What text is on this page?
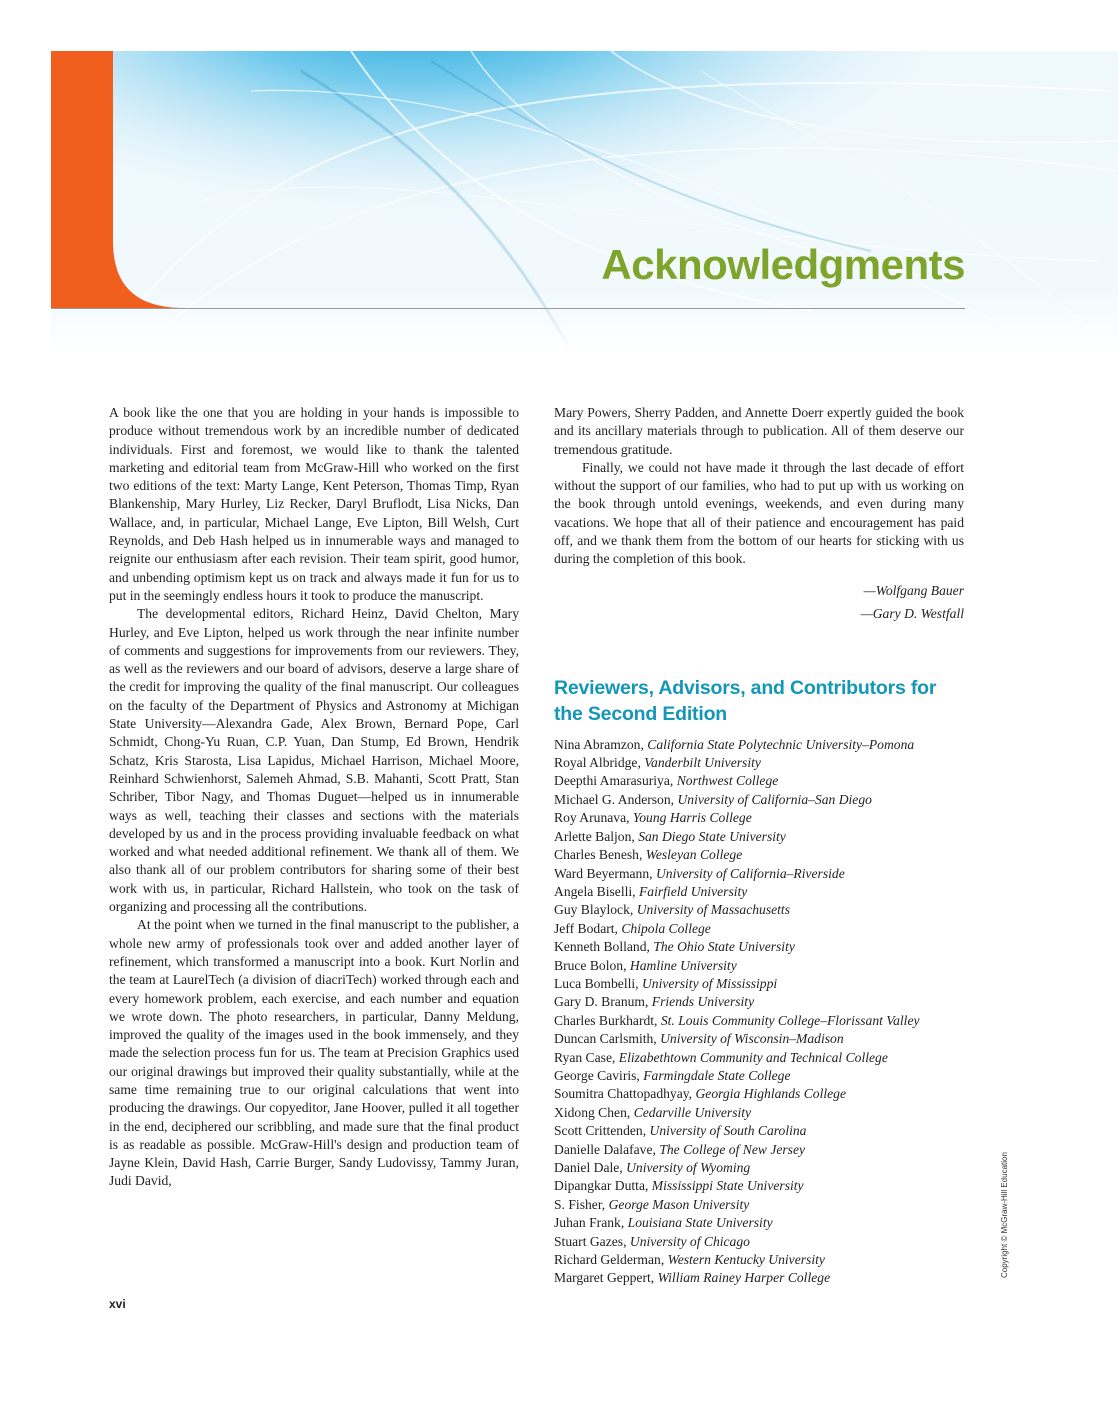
Acknowledgments

A book like the one that you are holding in your hands is impossible to produce without tremendous work by an incredible number of dedicated individuals. First and foremost, we would like to thank the talented marketing and editorial team from McGraw-Hill who worked on the first two editions of the text: Marty Lange, Kent Peterson, Thomas Timp, Ryan Blankenship, Mary Hurley, Liz Recker, Daryl Bruflodt, Lisa Nicks, Dan Wallace, and, in particular, Michael Lange, Eve Lipton, Bill Welsh, Curt Reynolds, and Deb Hash helped us in innumerable ways and managed to reignite our enthusiasm after each revision. Their team spirit, good humor, and unbending optimism kept us on track and always made it fun for us to put in the seemingly endless hours it took to produce the manuscript.

The developmental editors, Richard Heinz, David Chelton, Mary Hurley, and Eve Lipton, helped us work through the near infinite number of comments and suggestions for improvements from our reviewers. They, as well as the reviewers and our board of advisors, deserve a large share of the credit for improving the quality of the final manuscript. Our colleagues on the faculty of the Department of Physics and Astronomy at Michigan State University—Alexandra Gade, Alex Brown, Bernard Pope, Carl Schmidt, Chong-Yu Ruan, C.P. Yuan, Dan Stump, Ed Brown, Hendrik Schatz, Kris Starosta, Lisa Lapidus, Michael Harrison, Michael Moore, Reinhard Schwienhorst, Salemeh Ahmad, S.B. Mahanti, Scott Pratt, Stan Schriber, Tibor Nagy, and Thomas Duguet—helped us in innumerable ways as well, teaching their classes and sections with the materials developed by us and in the process providing invaluable feedback on what worked and what needed additional refinement. We thank all of them. We also thank all of our problem contributors for sharing some of their best work with us, in particular, Richard Hallstein, who took on the task of organizing and processing all the contributions.

At the point when we turned in the final manuscript to the publisher, a whole new army of professionals took over and added another layer of refinement, which transformed a manuscript into a book. Kurt Norlin and the team at LaurelTech (a division of diacriTech) worked through each and every homework problem, each exercise, and each number and equation we wrote down. The photo researchers, in particular, Danny Meldung, improved the quality of the images used in the book immensely, and they made the selection process fun for us. The team at Precision Graphics used our original drawings but improved their quality substantially, while at the same time remaining true to our original calculations that went into producing the drawings. Our copyeditor, Jane Hoover, pulled it all together in the end, deciphered our scribbling, and made sure that the final product is as readable as possible. McGraw-Hill's design and production team of Jayne Klein, David Hash, Carrie Burger, Sandy Ludovissy, Tammy Juran, Judi David,

Mary Powers, Sherry Padden, and Annette Doerr expertly guided the book and its ancillary materials through to publication. All of them deserve our tremendous gratitude.

Finally, we could not have made it through the last decade of effort without the support of our families, who had to put up with us working on the book through untold evenings, weekends, and even during many vacations. We hope that all of their patience and encouragement has paid off, and we thank them from the bottom of our hearts for sticking with us during the completion of this book.

—Wolfgang Bauer
—Gary D. Westfall
Reviewers, Advisors, and Contributors for the Second Edition
Nina Abramzon, California State Polytechnic University–Pomona
Royal Albridge, Vanderbilt University
Deepthi Amarasuriya, Northwest College
Michael G. Anderson, University of California–San Diego
Roy Arunava, Young Harris College
Arlette Baljon, San Diego State University
Charles Benesh, Wesleyan College
Ward Beyermann, University of California–Riverside
Angela Biselli, Fairfield University
Guy Blaylock, University of Massachusetts
Jeff Bodart, Chipola College
Kenneth Bolland, The Ohio State University
Bruce Bolon, Hamline University
Luca Bombelli, University of Mississippi
Gary D. Branum, Friends University
Charles Burkhardt, St. Louis Community College–Florissant Valley
Duncan Carlsmith, University of Wisconsin–Madison
Ryan Case, Elizabethtown Community and Technical College
George Caviris, Farmingdale State College
Soumitra Chattopadhyay, Georgia Highlands College
Xidong Chen, Cedarville University
Scott Crittenden, University of South Carolina
Danielle Dalafave, The College of New Jersey
Daniel Dale, University of Wyoming
Dipangkar Dutta, Mississippi State University
S. Fisher, George Mason University
Juhan Frank, Louisiana State University
Stuart Gazes, University of Chicago
Richard Gelderman, Western Kentucky University
Margaret Geppert, William Rainey Harper College
xvi
Copyright © McGraw-Hill Education
